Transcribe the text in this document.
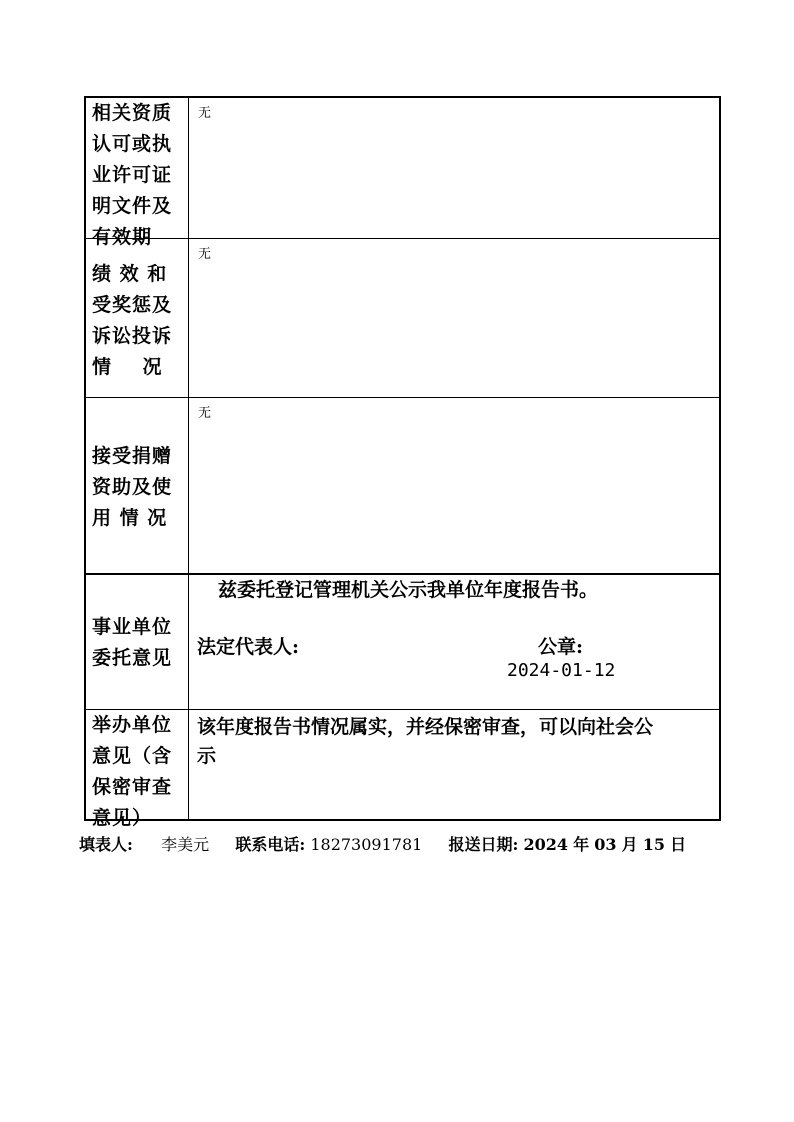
相关资质
认可或执
业许可证
明文件及
有效期
无
绩 效 和
受奖惩及
诉讼投诉
情    况
无
接受捐赠
资助及使
用 情 况
无
事业单位
委托意见
兹委托登记管理机关公示我单位年度报告书。
法定代表人:	公章:
2024-01-12
举办单位
意见（含
保密审查
意见）
该年度报告书情况属实，并经保密审查，可以向社会公
示
填表人: 李美元 联系电话: 18273091781 报送日期: 2024 年 03 月 15 日
